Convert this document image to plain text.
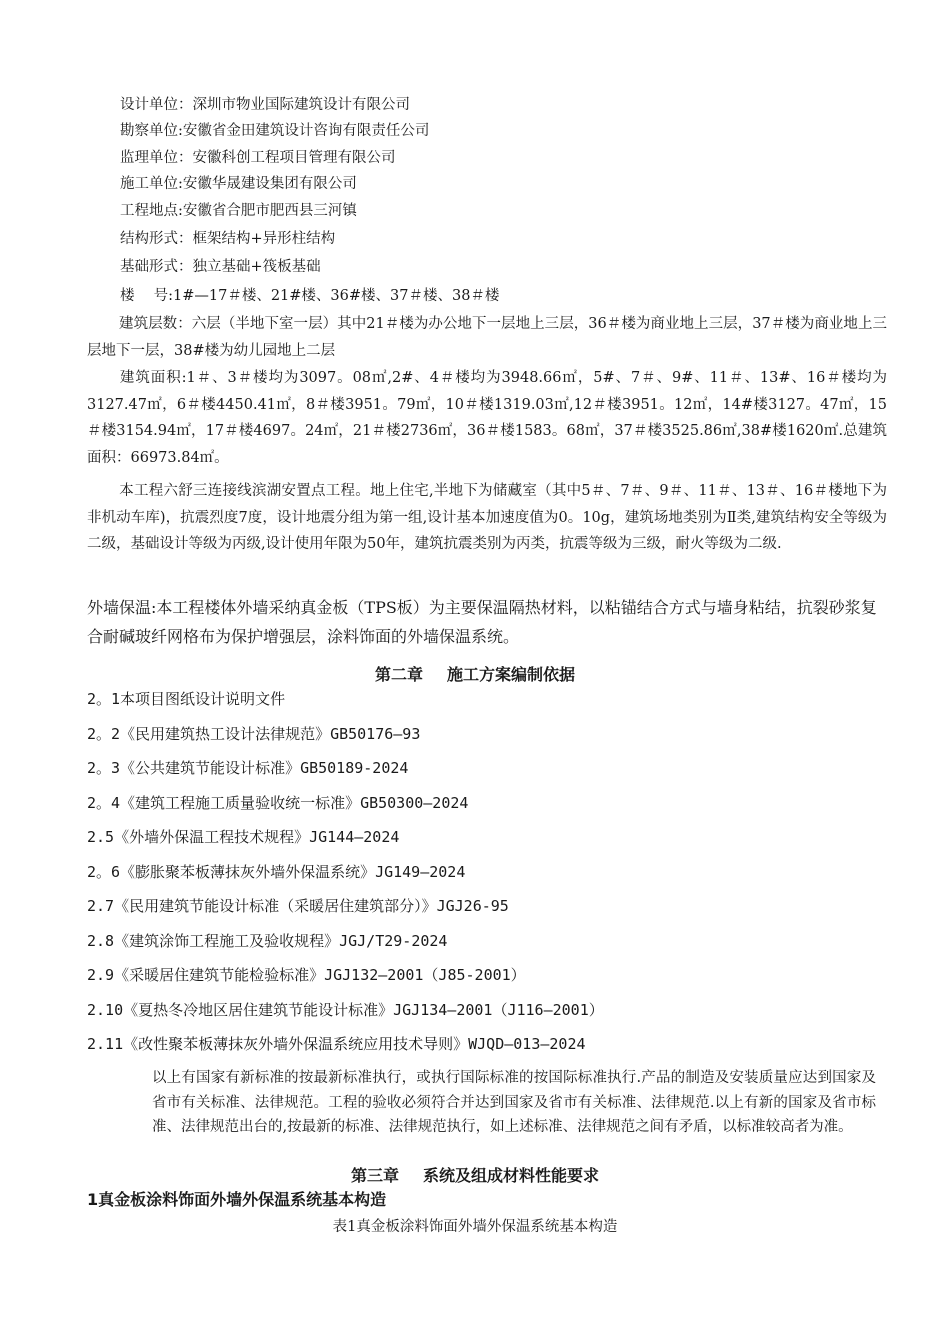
设计单位：深圳市物业国际建筑设计有限公司
勘察单位:安徽省金田建筑设计咨询有限责任公司
监理单位：安徽科创工程项目管理有限公司
施工单位:安徽华晟建设集团有限公司
工程地点:安徽省合肥市肥西县三河镇
结构形式：框架结构+异形柱结构
基础形式：独立基础+筏板基础
楼　 号:1#—17＃楼、21#楼、36#楼、37＃楼、38＃楼
建筑层数：六层（半地下室一层）其中21＃楼为办公地下一层地上三层，36＃楼为商业地上三层，37＃楼为商业地上三层地下一层，38#楼为幼儿园地上二层
建筑面积:1＃、3＃楼均为3097。08㎡,2#、4＃楼均为3948.66㎡，5#、7＃、9#、11＃、13#、16＃楼均为3127.47㎡，6＃楼4450.41㎡，8＃楼3951。79㎡，10＃楼1319.03㎡,12＃楼3951。12㎡，14#楼3127。47㎡，15＃楼3154.94㎡，17＃楼4697。24㎡，21＃楼2736㎡，36＃楼1583。68㎡，37＃楼3525.86㎡,38#楼1620㎡.总建筑面积：66973.84㎡。
本工程六舒三连接线滨湖安置点工程。地上住宅,半地下为储藏室（其中5＃、7＃、9＃、11＃、13＃、16＃楼地下为非机动车库)，抗震烈度7度，设计地震分组为第一组,设计基本加速度值为0。10g，建筑场地类别为Ⅱ类,建筑结构安全等级为二级，基础设计等级为丙级,设计使用年限为50年，建筑抗震类别为丙类，抗震等级为三级，耐火等级为二级.
外墙保温:本工程楼体外墙采纳真金板（TPS板）为主要保温隔热材料，以粘锚结合方式与墙身粘结，抗裂砂浆复合耐碱玻纤网格布为保护增强层，涂料饰面的外墙保温系统。
第二章 施工方案编制依据
2。1本项目图纸设计说明文件
2。2《民用建筑热工设计法律规范》GB50176—93
2。3《公共建筑节能设计标准》GB50189-2024
2。4《建筑工程施工质量验收统一标准》GB50300—2024
2.5《外墙外保温工程技术规程》JG144—2024
2。6《膨胀聚苯板薄抹灰外墙外保温系统》JG149—2024
2.7《民用建筑节能设计标准（采暖居住建筑部分）》JGJ26-95
2.8《建筑涂饰工程施工及验收规程》JGJ/T29-2024
2.9《采暖居住建筑节能检验标准》JGJ132—2001（J85-2001）
2.10《夏热冬冷地区居住建筑节能设计标准》JGJ134—2001（J116—2001）
2.11《改性聚苯板薄抹灰外墙外保温系统应用技术导则》WJQD—013—2024
以上有国家有新标准的按最新标准执行，或执行国际标准的按国际标准执行.产品的制造及安装质量应达到国家及省市有关标准、法律规范。工程的验收必须符合并达到国家及省市有关标准、法律规范.以上有新的国家及省市标准、法律规范出台的,按最新的标准、法律规范执行，如上述标准、法律规范之间有矛盾，以标准较高者为准。
第三章 系统及组成材料性能要求
1真金板涂料饰面外墙外保温系统基本构造
表1真金板涂料饰面外墙外保温系统基本构造
